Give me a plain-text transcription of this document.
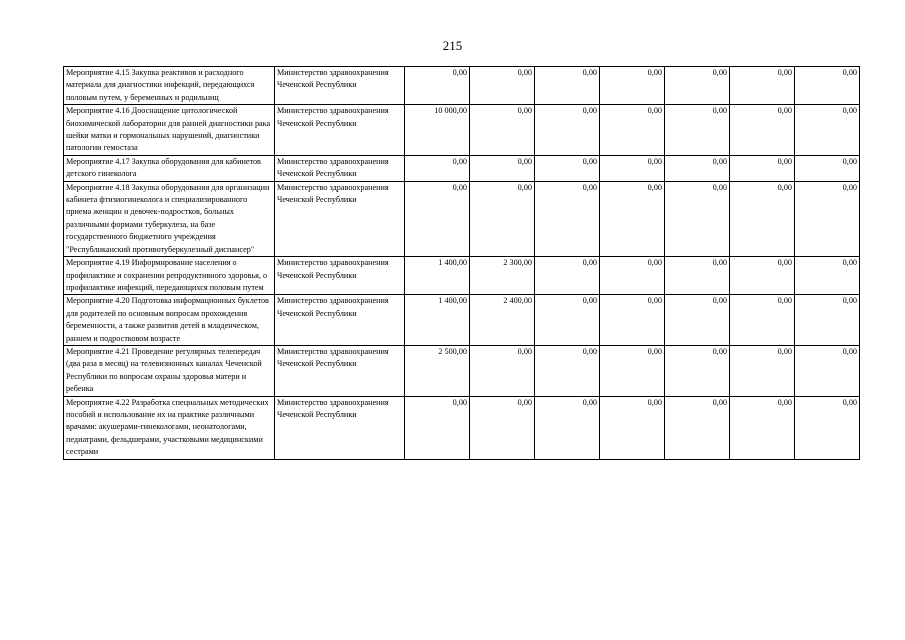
215
Мероприятие 4.15 Закупка реактивов и расходного материала для диагностики инфекций, передающихся половым путем, у беременных и родильниц	Министерство здравоохранения Чеченской Республики	0,00	0,00	0,00	0,00	0,00	0,00	0,00
Мероприятие 4.16 Дооснащение цитологической биохимической лаборатории для ранней диагностики рака шейки матки и гормональных нарушений, диагностики патологии гемостаза	Министерство здравоохранения Чеченской Республики	10 000,00	0,00	0,00	0,00	0,00	0,00	0,00
Мероприятие 4.17 Закупка оборудования для кабинетов детского гинеколога	Министерство здравоохранения Чеченской Республики	0,00	0,00	0,00	0,00	0,00	0,00	0,00
Мероприятие 4.18 Закупка оборудования для организации кабинета фтизиогинеколога и специализированного приема женщин и девочек-подростков, больных различными формами туберкулеза, на базе государственного бюджетного учреждения "Республиканский противотуберкулезный диспансер"	Министерство здравоохранения Чеченской Республики	0,00	0,00	0,00	0,00	0,00	0,00	0,00
Мероприятие 4.19 Информирование населения о профилактике и сохранении репродуктивного здоровья, о профилактике инфекций, передающихся половым путем	Министерство здравоохранения Чеченской Республики	1 400,00	2 300,00	0,00	0,00	0,00	0,00	0,00
Мероприятие 4.20 Подготовка информационных буклетов для родителей по основным вопросам прохождения беременности, а также развития детей в младенческом, раннем и подростковом возрасте	Министерство здравоохранения Чеченской Республики	1 400,00	2 400,00	0,00	0,00	0,00	0,00	0,00
Мероприятие 4.21 Проведение регулярных телепередач (два раза в месяц) на телевизионных каналах Чеченской Республики по вопросам охраны здоровья матери и ребенка	Министерство здравоохранения Чеченской Республики	2 500,00	0,00	0,00	0,00	0,00	0,00	0,00
Мероприятие 4.22 Разработка специальных методических пособий и использование их на практике различными врачами: акушерами-гинекологами, неонатологами, педиатрами, фельдшерами, участковыми медицинскими сестрами	Министерство здравоохранения Чеченской Республики	0,00	0,00	0,00	0,00	0,00	0,00	0,00
